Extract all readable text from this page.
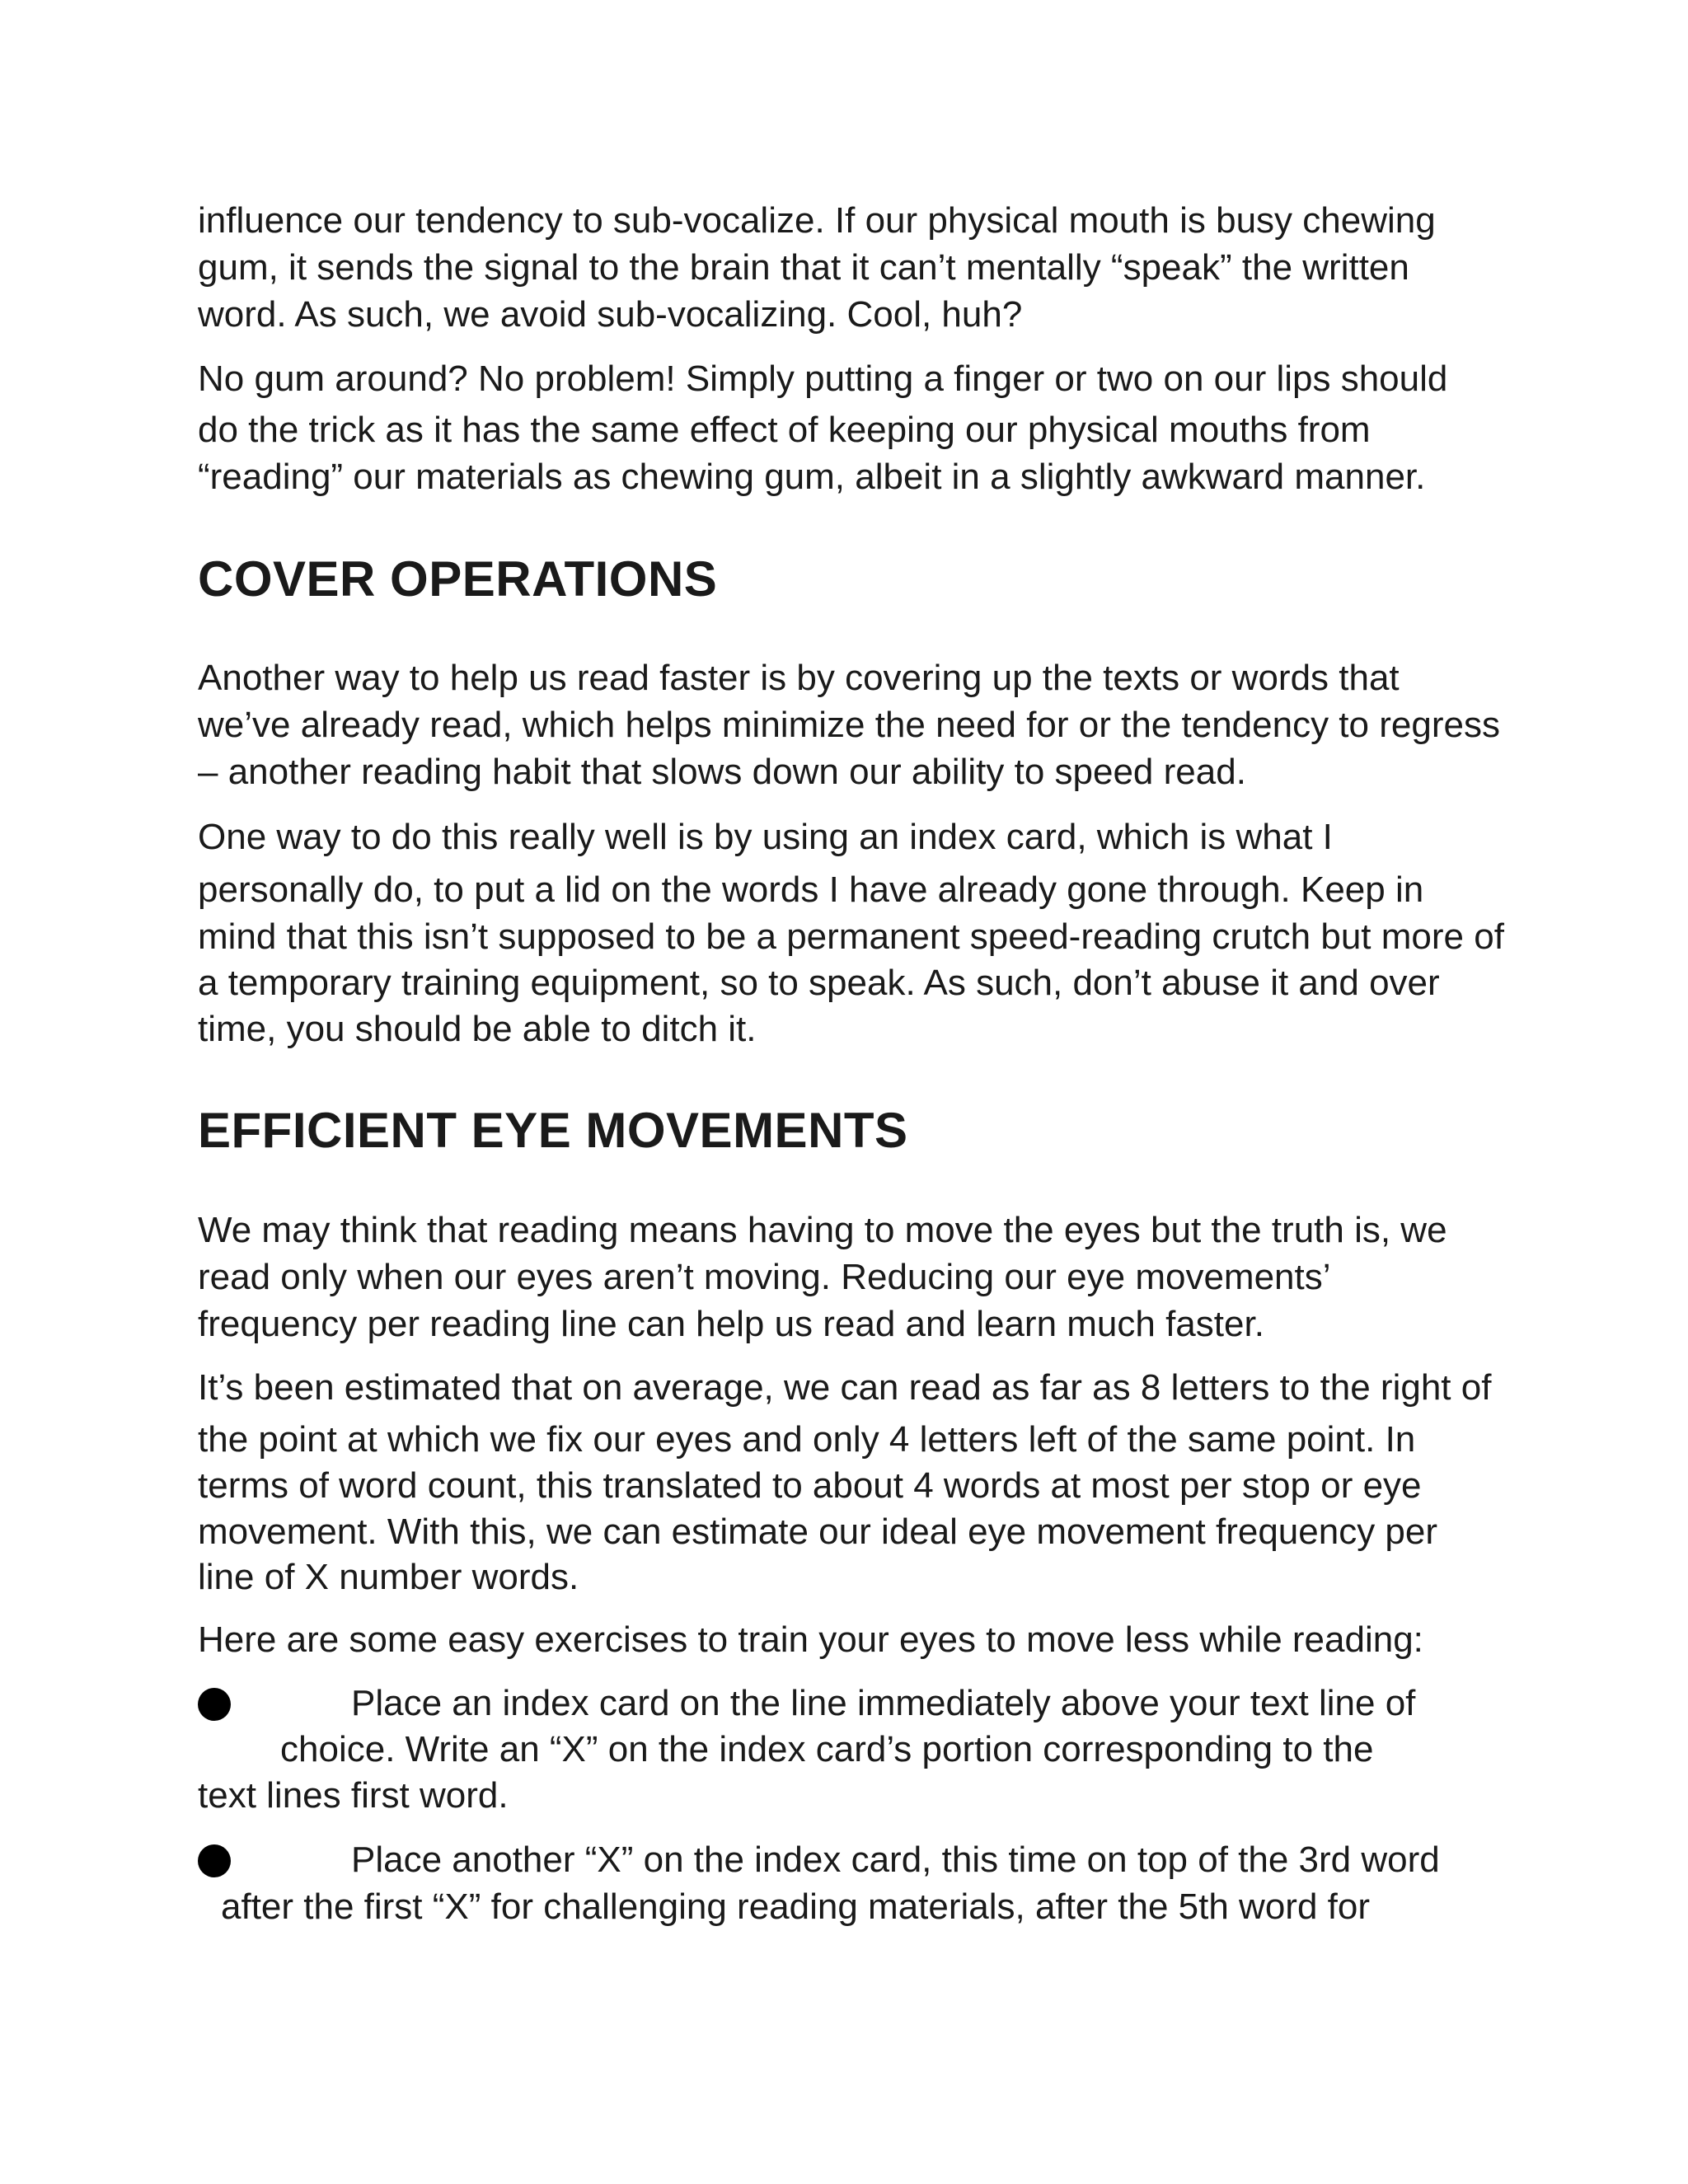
influence our tendency to sub-vocalize. If our physical mouth is busy chewing
gum, it sends the signal to the brain that it can’t mentally “speak” the written
word. As such, we avoid sub-vocalizing. Cool, huh?
No gum around? No problem! Simply putting a finger or two on our lips should
do the trick as it has the same effect of keeping our physical mouths from
“reading” our materials as chewing gum, albeit in a slightly awkward manner.
COVER OPERATIONS
Another way to help us read faster is by covering up the texts or words that
we’ve already read, which helps minimize the need for or the tendency to regress
– another reading habit that slows down our ability to speed read.
One way to do this really well is by using an index card, which is what I
personally do, to put a lid on the words I have already gone through. Keep in
mind that this isn’t supposed to be a permanent speed-reading crutch but more of
a temporary training equipment, so to speak. As such, don’t abuse it and over
time, you should be able to ditch it.
EFFICIENT EYE MOVEMENTS
We may think that reading means having to move the eyes but the truth is, we
read only when our eyes aren’t moving. Reducing our eye movements’
frequency per reading line can help us read and learn much faster.
It’s been estimated that on average, we can read as far as 8 letters to the right of
the point at which we fix our eyes and only 4 letters left of the same point. In
terms of word count, this translated to about 4 words at most per stop or eye
movement. With this, we can estimate our ideal eye movement frequency per
line of X number words.
Here are some easy exercises to train your eyes to move less while reading:
Place an index card on the line immediately above your text line of
choice. Write an “X” on the index card’s portion corresponding to the
text lines first word.
Place another “X” on the index card, this time on top of the 3rd word
after the first “X” for challenging reading materials, after the 5th word for
